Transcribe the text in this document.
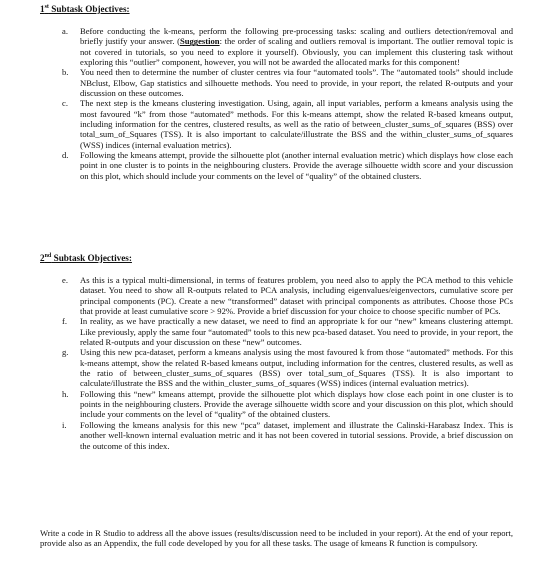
1st Subtask Objectives:
a. Before conducting the k-means, perform the following pre-processing tasks: scaling and outliers detection/removal and briefly justify your answer. (Suggestion: the order of scaling and outliers removal is important. The outlier removal topic is not covered in tutorials, so you need to explore it yourself). Obviously, you can implement this clustering task without exploring this “outlier” component, however, you will not be awarded the allocated marks for this component!
b. You need then to determine the number of cluster centres via four “automated tools”. The “automated tools” should include NBclust, Elbow, Gap statistics and silhouette methods. You need to provide, in your report, the related R-outputs and your discussion on these outcomes.
c. The next step is the kmeans clustering investigation. Using, again, all input variables, perform a kmeans analysis using the most favoured “k” from those “automated” methods. For this k-means attempt, show the related R-based kmeans output, including information for the centres, clustered results, as well as the ratio of between_cluster_sums_of_squares (BSS) over total_sum_of_Squares (TSS). It is also important to calculate/illustrate the BSS and the within_cluster_sums_of_squares (WSS) indices (internal evaluation metrics).
d. Following the kmeans attempt, provide the silhouette plot (another internal evaluation metric) which displays how close each point in one cluster is to points in the neighbouring clusters. Provide the average silhouette width score and your discussion on this plot, which should include your comments on the level of “quality” of the obtained clusters.
2nd Subtask Objectives:
e. As this is a typical multi-dimensional, in terms of features problem, you need also to apply the PCA method to this vehicle dataset. You need to show all R-outputs related to PCA analysis, including eigenvalues/eigenvectors, cumulative score per principal components (PC). Create a new “transformed” dataset with principal components as attributes. Choose those PCs that provide at least cumulative score > 92%. Provide a brief discussion for your choice to choose specific number of PCs.
f. In reality, as we have practically a new dataset, we need to find an appropriate k for our “new” kmeans clustering attempt. Like previously, apply the same four “automated” tools to this new pca-based dataset. You need to provide, in your report, the related R-outputs and your discussion on these “new” outcomes.
g. Using this new pca-dataset, perform a kmeans analysis using the most favoured k from those “automated” methods. For this k-means attempt, show the related R-based kmeans output, including information for the centres, clustered results, as well as the ratio of between_cluster_sums_of_squares (BSS) over total_sum_of_Squares (TSS). It is also important to calculate/illustrate the BSS and the within_cluster_sums_of_squares (WSS) indices (internal evaluation metrics).
h. Following this “new” kmeans attempt, provide the silhouette plot which displays how close each point in one cluster is to points in the neighbouring clusters. Provide the average silhouette width score and your discussion on this plot, which should include your comments on the level of “quality” of the obtained clusters.
i. Following the kmeans analysis for this new “pca” dataset, implement and illustrate the Calinski-Harabasz Index. This is another well-known internal evaluation metric and it has not been covered in tutorial sessions. Provide, a brief discussion on the outcome of this index.

Write a code in R Studio to address all the above issues (results/discussion need to be included in your report). At the end of your report, provide also as an Appendix, the full code developed by you for all these tasks. The usage of kmeans R function is compulsory.
